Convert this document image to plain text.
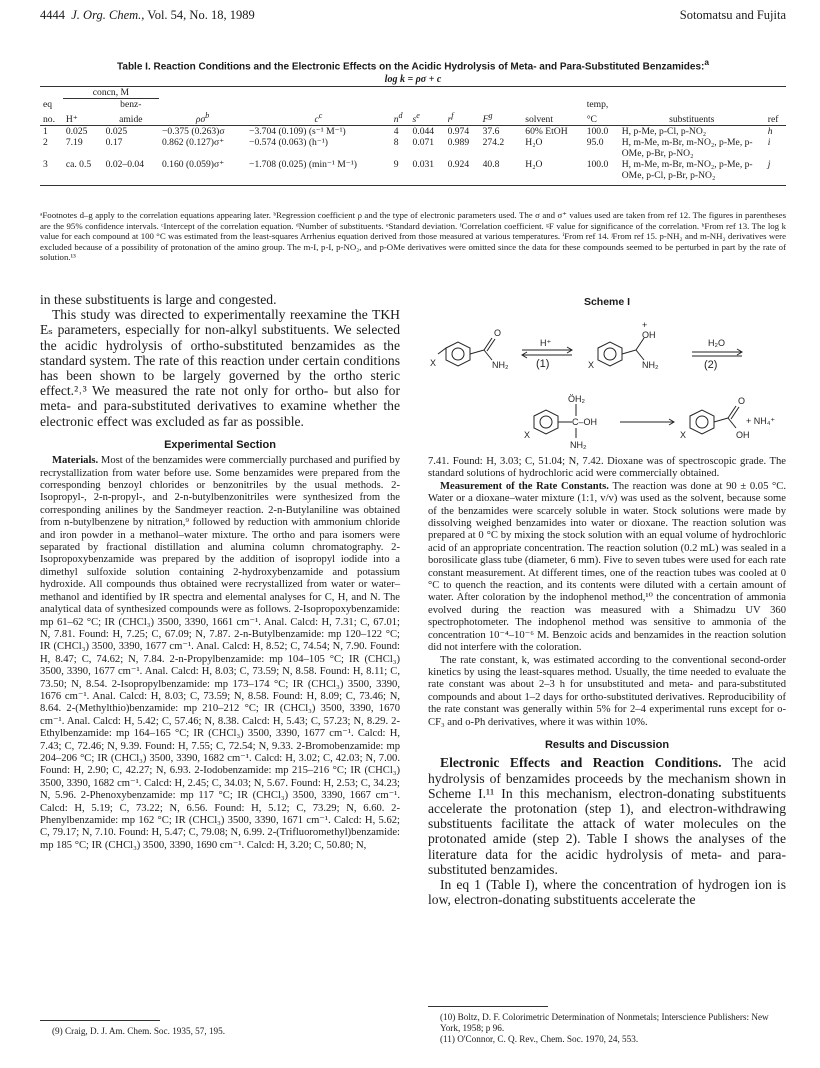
4444 J. Org. Chem., Vol. 54, No. 18, 1989	Sotomatsu and Fujita
Table I. Reaction Conditions and the Electronic Effects on the Acidic Hydrolysis of Meta- and Para-Substituted Benzamides:$^a$
log k = ρσ + c
	concn, M												
eq		benz-									temp,		
no.	H⁺	amide	$\rho\sigma^b$	$c^c$	$n^d$	$s^e$	$r^f$	$F^g$		solvent	°C	substituents	ref
1	0.025	0.025	−0.375 (0.263)σ	−3.704 (0.109) (s⁻¹ M⁻¹)	4	0.044	0.974	37.6		60% EtOH	100.0	H, p-Me, p-Cl, p-NO₂	h
2	7.19	0.17	0.862 (0.127)σ⁺	−0.574 (0.063) (h⁻¹)	8	0.071	0.989	274.2		H₂O	95.0	H, m-Me, m-Br, m-NO₂, p-Me, p-OMe, p-Br, p-NO₂	i
3	ca. 0.5	0.02–0.04	0.160 (0.059)σ⁺	−1.708 (0.025) (min⁻¹ M⁻¹)	9	0.031	0.924	40.8		H₂O	100.0	H, m-Me, m-Br, m-NO₂, p-Me, p-OMe, p-Cl, p-Br, p-NO₂	j
ᵃFootnotes d–g apply to the correlation equations appearing later. ᵇRegression coefficient ρ and the type of electronic parameters used. The σ and σ⁺ values used are taken from ref 12. The figures in parentheses are the 95% confidence intervals. ᶜIntercept of the correlation equation. ᵈNumber of substituents. ᵉStandard deviation. ᶠCorrelation coefficient. ᵍF value for significance of the correlation. ʰFrom ref 13. The log k value for each compound at 100 °C was estimated from the least-squares Arrhenius equation derived from those measured at various temperatures. ⁱFrom ref 14. ʲFrom ref 15. p-NH₂ and m-NH₂ derivatives were excluded because of a possibility of protonation of the amino group. The m-I, p-I, p-NO₂, and p-OMe derivatives were omitted since the data for these compounds seemed to be perturbed in part by the rate of solution.¹³

in these substituents is large and congested.

This study was directed to experimentally reexamine the TKH Eₛ parameters, especially for non-alkyl substituents. We selected the acidic hydrolysis of ortho-substituted benzamides as the standard system. The rate of this reaction under certain conditions has been shown to be largely governed by the ortho steric effect.²˒³ We measured the rate not only for ortho- but also for meta- and para-substituted derivatives to examine whether the electronic effect was excluded as far as possible.

Experimental Section

Materials. Most of the benzamides were commercially purchased and purified by recrystallization from water before use. Some benzamides were prepared from the corresponding benzoyl chlorides or benzonitriles by the usual methods. 2-Isopropyl-, 2-n-propyl-, and 2-n-butylbenzonitriles were synthesized from the corresponding anilines by the Sandmeyer reaction. 2-n-Butylaniline was obtained from n-butylbenzene by nitration,⁹ followed by reduction with ammonium chloride and iron powder in a methanol–water mixture. The ortho and para isomers were separated by fractional distillation and alumina column chromatography. 2-Isopropoxybenzamide was prepared by the addition of isopropyl iodide into a dimethyl sulfoxide solution containing 2-hydroxybenzamide and potassium hydroxide. All compounds thus obtained were recrystallized from water or water–methanol and identified by IR spectra and elemental analyses for C, H, and N. The analytical data of synthesized compounds were as follows. 2-Isopropoxybenzamide: mp 61–62 °C; IR (CHCl₃) 3500, 3390, 1661 cm⁻¹. Anal. Calcd: H, 7.31; C, 67.01; N, 7.81. Found: H, 7.25; C, 67.09; N, 7.87. 2-n-Butylbenzamide: mp 120–122 °C; IR (CHCl₃) 3500, 3390, 1677 cm⁻¹. Anal. Calcd: H, 8.52; C, 74.54; N, 7.90. Found: H, 8.47; C, 74.62; N, 7.84. 2-n-Propylbenzamide: mp 104–105 °C; IR (CHCl₃) 3500, 3390, 1677 cm⁻¹. Anal. Calcd: H, 8.03; C, 73.59; N, 8.58. Found: H, 8.11; C, 73.50; N, 8.54. 2-Isopropylbenzamide: mp 173–174 °C; IR (CHCl₃) 3500, 3390, 1676 cm⁻¹. Anal. Calcd: H, 8.03; C, 73.59; N, 8.58. Found: H, 8.09; C, 73.46; N, 8.64. 2-(Methylthio)benzamide: mp 210–212 °C; IR (CHCl₃) 3500, 3390, 1670 cm⁻¹. Anal. Calcd: H, 5.42; C, 57.46; N, 8.38. Calcd: H, 5.43; C, 57.23; N, 8.29. 2-Ethylbenzamide: mp 164–165 °C; IR (CHCl₃) 3500, 3390, 1677 cm⁻¹. Calcd: H, 7.43; C, 72.46; N, 9.39. Found: H, 7.55; C, 72.54; N, 9.33. 2-Bromobenzamide: mp 204–206 °C; IR (CHCl₃) 3500, 3390, 1682 cm⁻¹. Calcd: H, 3.02; C, 42.03; N, 7.00. Found: H, 2.90; C, 42.27; N, 6.93. 2-Iodobenzamide: mp 215–216 °C; IR (CHCl₃) 3500, 3390, 1682 cm⁻¹. Calcd: H, 2.45; C, 34.03; N, 5.67. Found: H, 2.53; C, 34.23; N, 5.96. 2-Phenoxybenzamide: mp 117 °C; IR (CHCl₃) 3500, 3390, 1667 cm⁻¹. Calcd: H, 5.19; C, 73.22; N, 6.56. Found: H, 5.12; C, 73.29; N, 6.60. 2-Phenylbenzamide: mp 162 °C; IR (CHCl₃) 3500, 3390, 1671 cm⁻¹. Calcd: H, 5.62; C, 79.17; N, 7.10. Found: H, 5.47; C, 79.08; N, 6.99. 2-(Trifluoromethyl)benzamide: mp 185 °C; IR (CHCl₃) 3500, 3390, 1690 cm⁻¹. Calcd: H, 3.20; C, 50.80; N,

(9) Craig, D. J. Am. Chem. Soc. 1935, 57, 195.
Scheme I
X
O
NH₂
H⁺
(1)	X
+
OH
NH₂
H₂O
(2)
ÖH₂
C–OH
X
NH₂
X
O
OH
+ NH₄⁺

7.41. Found: H, 3.03; C, 51.04; N, 7.42. Dioxane was of spectroscopic grade. The standard solutions of hydrochloric acid were commercially obtained.

Measurement of the Rate Constants. The reaction was done at 90 ± 0.05 °C. Water or a dioxane–water mixture (1:1, v/v) was used as the solvent, because some of the benzamides were scarcely soluble in water. Stock solutions were made by dissolving weighed benzamides into water or dioxane. The reaction solution was prepared at 0 °C by mixing the stock solution with an equal volume of hydrochloric acid of an appropriate concentration. The reaction solution (0.2 mL) was sealed in a borosilicate glass tube (diameter, 6 mm). Five to seven tubes were used for each rate constant measurement. At different times, one of the reaction tubes was cooled at 0 °C to quench the reaction, and its contents were diluted with a certain amount of water. After coloration by the indophenol method,¹⁰ the concentration of ammonia evolved during the reaction was measured with a Shimadzu UV 360 spectrophotometer. The indophenol method was sensitive to ammonia of the concentration 10⁻⁴–10⁻⁶ M. Benzoic acids and benzamides in the reaction solution did not interfere with the coloration.

The rate constant, k, was estimated according to the conventional second-order kinetics by using the least-squares method. Usually, the time needed to evaluate the rate constant was about 2–3 h for unsubstituted and meta- and para-substituted compounds and about 1–2 days for ortho-substituted derivatives. Reproducibility of the rate constant was generally within 5% for 2–4 experimental runs except for o-CF₃ and o-Ph derivatives, where it was within 10%.

Results and Discussion

Electronic Effects and Reaction Conditions. The acid hydrolysis of benzamides proceeds by the mechanism shown in Scheme I.¹¹ In this mechanism, electron-donating substituents accelerate the protonation (step 1), and electron-withdrawing substituents facilitate the attack of water molecules on the protonated amide (step 2). Table I shows the analyses of the literature data for the acidic hydrolysis of meta- and para-substituted benzamides.

In eq 1 (Table I), where the concentration of hydrogen ion is low, electron-donating substituents accelerate the

(10) Boltz, D. F. Colorimetric Determination of Nonmetals; Interscience Publishers: New York, 1958; p 96.
(11) O'Connor, C. Q. Rev., Chem. Soc. 1970, 24, 553.
